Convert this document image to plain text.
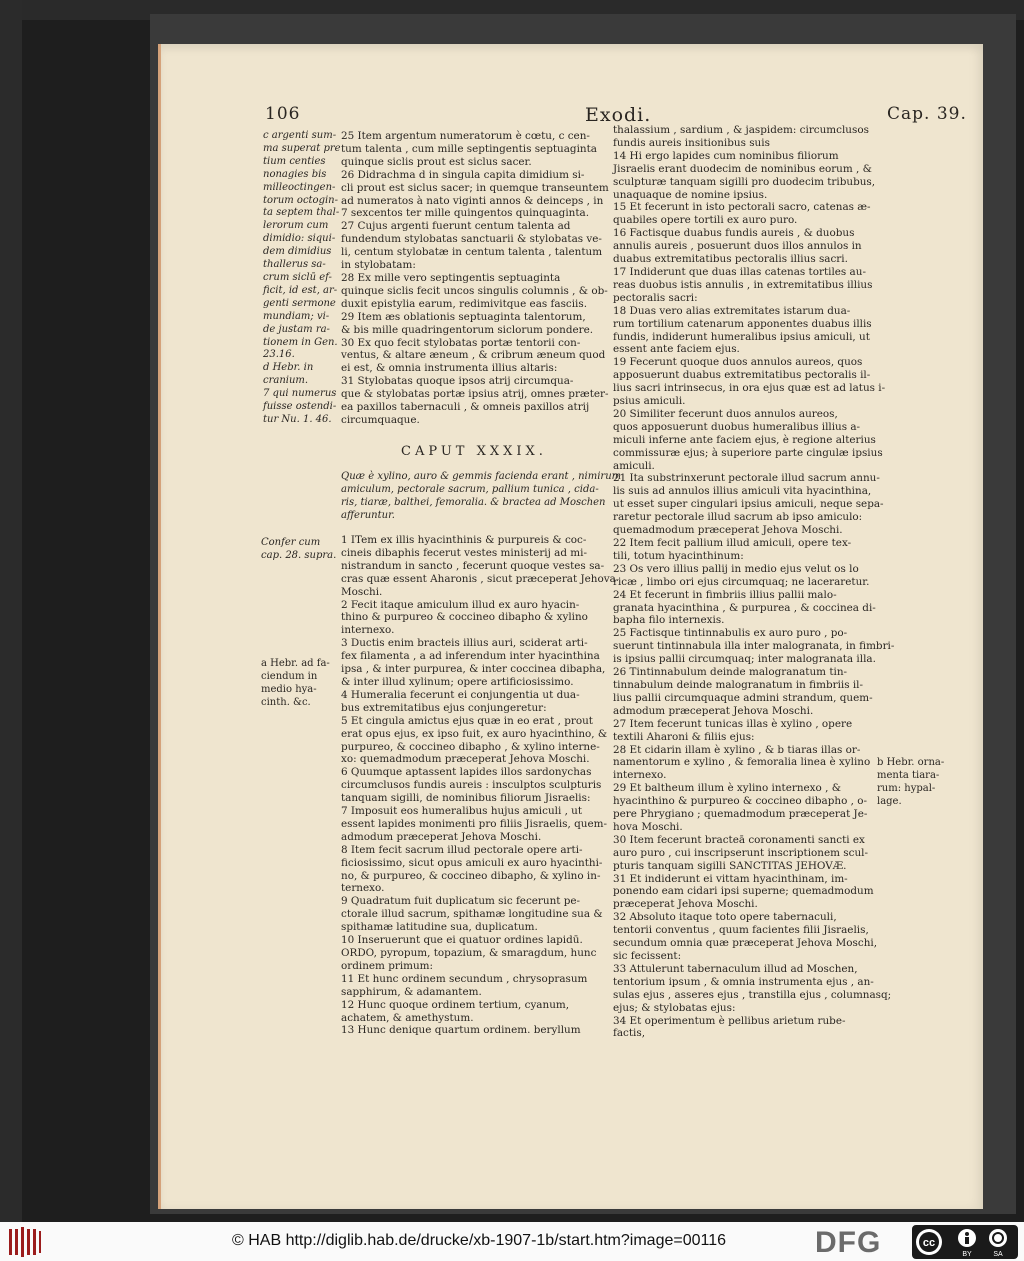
106	Exodi.	Cap. 39.

c argenti sum-

ma superat pre

tium centies

nonagies bis

milleoctingen-

torum octogin-

ta septem thal-

lerorum cum

dimidio: siqui-

dem dimidius

thallerus sa-

crum siclū ef-

ficit, id est, ar-

genti sermone

mundiam; vi-

de justam ra-

tionem in Gen.

23.16.

d Hebr. in

cranium.

7 qui numerus

fuisse ostendi-

tur Nu. 1. 46.

25 Item argentum numeratorum è cœtu, c cen-

tum talenta , cum mille septingentis septuaginta

quinque siclis prout est siclus sacer.

26 Didrachma d in singula capita dimidium si-

cli prout est siclus sacer; in quemque transeuntem

ad numeratos à nato viginti annos & deinceps , in

7 sexcentos ter mille quingentos quinquaginta.

27 Cujus argenti fuerunt centum talenta ad

fundendum stylobatas sanctuarii & stylobatas ve-

li, centum stylobatæ in centum talenta , talentum

in stylobatam:

28 Ex mille vero septingentis septuaginta

quinque siclis fecit uncos singulis columnis , & ob-

duxit epistylia earum, redimivitque eas fasciis.

29 Item æs oblationis septuaginta talentorum,

& bis mille quadringentorum siclorum pondere.

30 Ex quo fecit stylobatas portæ tentorii con-

ventus, & altare æneum , & cribrum æneum quod

ei est, & omnia instrumenta illius altaris:

31 Stylobatas quoque ipsos atrij circumqua-

que & stylobatas portæ ipsius atrij, omnes præter-

ea paxillos tabernaculi , & omneis paxillos atrij

circumquaque.

CAPUT XXXIX.

Quæ è xylino, auro & gemmis facienda erant , nimirum

amiculum, pectorale sacrum, pallium tunica , cida-

ris, tiaræ, balthei, femoralia. & bractea ad Moschen

afferuntur.

Confer cum

cap. 28. supra.

a Hebr. ad fa-

ciendum in

medio hya-

cinth. &c.

1 ITem ex illis hyacinthinis & purpureis & coc-

cineis dibaphis fecerut vestes ministerij ad mi-

nistrandum in sancto , fecerunt quoque vestes sa-

cras quæ essent Aharonis , sicut præceperat Jehova

Moschi.

2 Fecit itaque amiculum illud ex auro hyacin-

thino & purpureo & coccineo dibapho & xylino

internexo.

3 Ductis enim bracteis illius auri, sciderat arti-

fex filamenta , a ad inferendum inter hyacinthina

ipsa , & inter purpurea, & inter coccinea dibapha,

& inter illud xylinum; opere artificiosissimo.

4 Humeralia fecerunt ei conjungentia ut dua-

bus extremitatibus ejus conjungeretur:

5 Et cingula amictus ejus quæ in eo erat , prout

erat opus ejus, ex ipso fuit, ex auro hyacinthino, &

purpureo, & coccineo dibapho , & xylino interne-

xo: quemadmodum præceperat Jehova Moschi.

6 Quumque aptassent lapides illos sardonychas

circumclusos fundis aureis : insculptos sculpturis

tanquam sigilli, de nominibus filiorum Jisraelis:

7 Imposuit eos humeralibus hujus amiculi , ut

essent lapides monimenti pro filiis Jisraelis, quem-

admodum præceperat Jehova Moschi.

8 Item fecit sacrum illud pectorale opere arti-

ficiosissimo, sicut opus amiculi ex auro hyacinthi-

no, & purpureo, & coccineo dibapho, & xylino in-

ternexo.

9 Quadratum fuit duplicatum sic fecerunt pe-

ctorale illud sacrum, spithamæ longitudine sua &

spithamæ latitudine sua, duplicatum.

10 Inseruerunt que ei quatuor ordines lapidū.

ORDO, pyropum, topazium, & smaragdum, hunc

ordinem primum:

11 Et hunc ordinem secundum , chrysoprasum

sapphirum, & adamantem.

12 Hunc quoque ordinem tertium, cyanum,

achatem, & amethystum.

13 Hunc denique quartum ordinem. beryllum

thalassium , sardium , & jaspidem: circumclusos

fundis aureis insitionibus suis

14 Hi ergo lapides cum nominibus filiorum

Jisraelis erant duodecim de nominibus eorum , &

sculpturæ tanquam sigilli pro duodecim tribubus,

unaquaque de nomine ipsius.

15 Et fecerunt in isto pectorali sacro, catenas æ-

quabiles opere tortili ex auro puro.

16 Factisque duabus fundis aureis , & duobus

annulis aureis , posuerunt duos illos annulos in

duabus extremitatibus pectoralis illius sacri.

17 Indiderunt que duas illas catenas tortiles au-

reas duobus istis annulis , in extremitatibus illius

pectoralis sacri:

18 Duas vero alias extremitates istarum dua-

rum tortilium catenarum apponentes duabus illis

fundis, indiderunt humeralibus ipsius amiculi, ut

essent ante faciem ejus.

19 Fecerunt quoque duos annulos aureos, quos

apposuerunt duabus extremitatibus pectoralis il-

lius sacri intrinsecus, in ora ejus quæ est ad latus i-

psius amiculi.

20 Similiter fecerunt duos annulos aureos,

quos apposuerunt duobus humeralibus illius a-

miculi inferne ante faciem ejus, è regione alterius

commissuræ ejus; à superiore parte cingulæ ipsius

amiculi.

21 Ita substrinxerunt pectorale illud sacrum annu-

lis suis ad annulos illius amiculi vita hyacinthina,

ut esset super cingulari ipsius amiculi, neque sepa-

raretur pectorale illud sacrum ab ipso amiculo:

quemadmodum præceperat Jehova Moschi.

22 Item fecit pallium illud amiculi, opere tex-

tili, totum hyacinthinum:

23 Os vero illius pallij in medio ejus velut os lo

ricæ , limbo ori ejus circumquaq; ne laceraretur.

24 Et fecerunt in fimbriis illius pallii malo-

granata hyacinthina , & purpurea , & coccinea di-

bapha filo internexis.

25 Factisque tintinnabulis ex auro puro , po-

suerunt tintinnabula illa inter malogranata, in fimbri-

is ipsius pallii circumquaq; inter malogranata illa.

26 Tintinnabulum deinde malogranatum tin-

tinnabulum deinde malogranatum in fimbriis il-

lius pallii circumquaque admini strandum, quem-

admodum præceperat Jehova Moschi.

27 Item fecerunt tunicas illas è xylino , opere

textili Aharoni & filiis ejus:

28 Et cidarin illam è xylino , & b tiaras illas or-

namentorum e xylino , & femoralia linea è xylino

internexo.

29 Et baltheum illum è xylino internexo , &

hyacinthino & purpureo & coccineo dibapho , o-

pere Phrygiano ; quemadmodum præceperat Je-

hova Moschi.

30 Item fecerunt bracteā coronamenti sancti ex

auro puro , cui inscripserunt inscriptionem scul-

pturis tanquam sigilli SANCTITAS JEHOVÆ.

31 Et indiderunt ei vittam hyacinthinam, im-

ponendo eam cidari ipsi superne; quemadmodum

præceperat Jehova Moschi.

32 Absoluto itaque toto opere tabernaculi,

tentorii conventus , quum facientes filii Jisraelis,

secundum omnia quæ præceperat Jehova Moschi,

sic fecissent:

33 Attulerunt tabernaculum illud ad Moschen,

tentorium ipsum , & omnia instrumenta ejus , an-

sulas ejus , asseres ejus , transtilla ejus , columnasq;

ejus; & stylobatas ejus:

34 Et operimentum è pellibus arietum rube-

factis,

b Hebr. orna-

menta tiara-

rum: hypal-

lage.

© HAB http://diglib.hab.de/drucke/xb-1907-1b/start.htm?image=00116	DFG	cc
BY	SA
